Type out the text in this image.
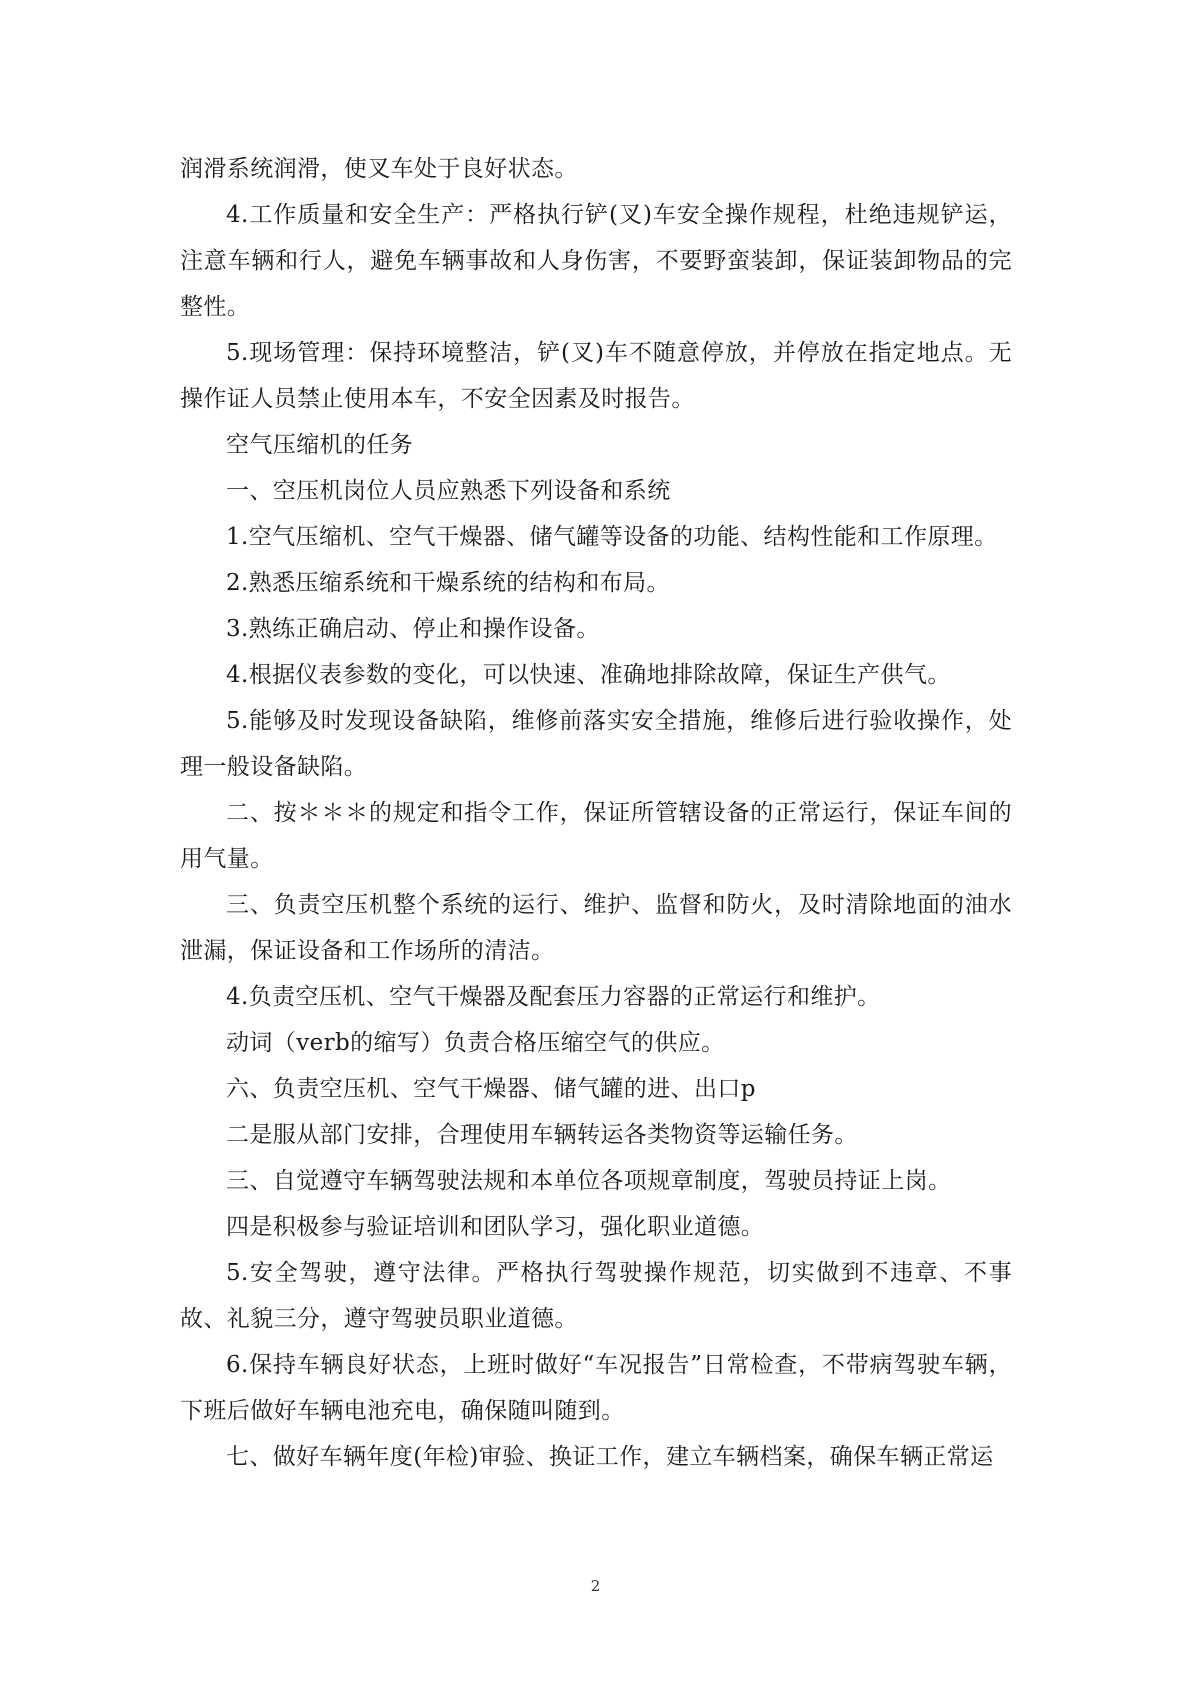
润滑系统润滑，使叉车处于良好状态。

4.工作质量和安全生产：严格执行铲(叉)车安全操作规程，杜绝违规铲运，注意车辆和行人，避免车辆事故和人身伤害，不要野蛮装卸，保证装卸物品的完整性。

5.现场管理：保持环境整洁，铲(叉)车不随意停放，并停放在指定地点。无操作证人员禁止使用本车，不安全因素及时报告。

空气压缩机的任务

一、空压机岗位人员应熟悉下列设备和系统

1.空气压缩机、空气干燥器、储气罐等设备的功能、结构性能和工作原理。

2.熟悉压缩系统和干燥系统的结构和布局。

3.熟练正确启动、停止和操作设备。

4.根据仪表参数的变化，可以快速、准确地排除故障，保证生产供气。

5.能够及时发现设备缺陷，维修前落实安全措施，维修后进行验收操作，处理一般设备缺陷。

二、按＊＊＊的规定和指令工作，保证所管辖设备的正常运行，保证车间的用气量。

三、负责空压机整个系统的运行、维护、监督和防火，及时清除地面的油水泄漏，保证设备和工作场所的清洁。

4.负责空压机、空气干燥器及配套压力容器的正常运行和维护。

动词（verb的缩写）负责合格压缩空气的供应。

六、负责空压机、空气干燥器、储气罐的进、出口p

二是服从部门安排，合理使用车辆转运各类物资等运输任务。

三、自觉遵守车辆驾驶法规和本单位各项规章制度，驾驶员持证上岗。

四是积极参与验证培训和团队学习，强化职业道德。

5.安全驾驶，遵守法律。严格执行驾驶操作规范，切实做到不违章、不事故、礼貌三分，遵守驾驶员职业道德。

6.保持车辆良好状态，上班时做好“车况报告”日常检查，不带病驾驶车辆，下班后做好车辆电池充电，确保随叫随到。

七、做好车辆年度(年检)审验、换证工作，建立车辆档案，确保车辆正常运

2
